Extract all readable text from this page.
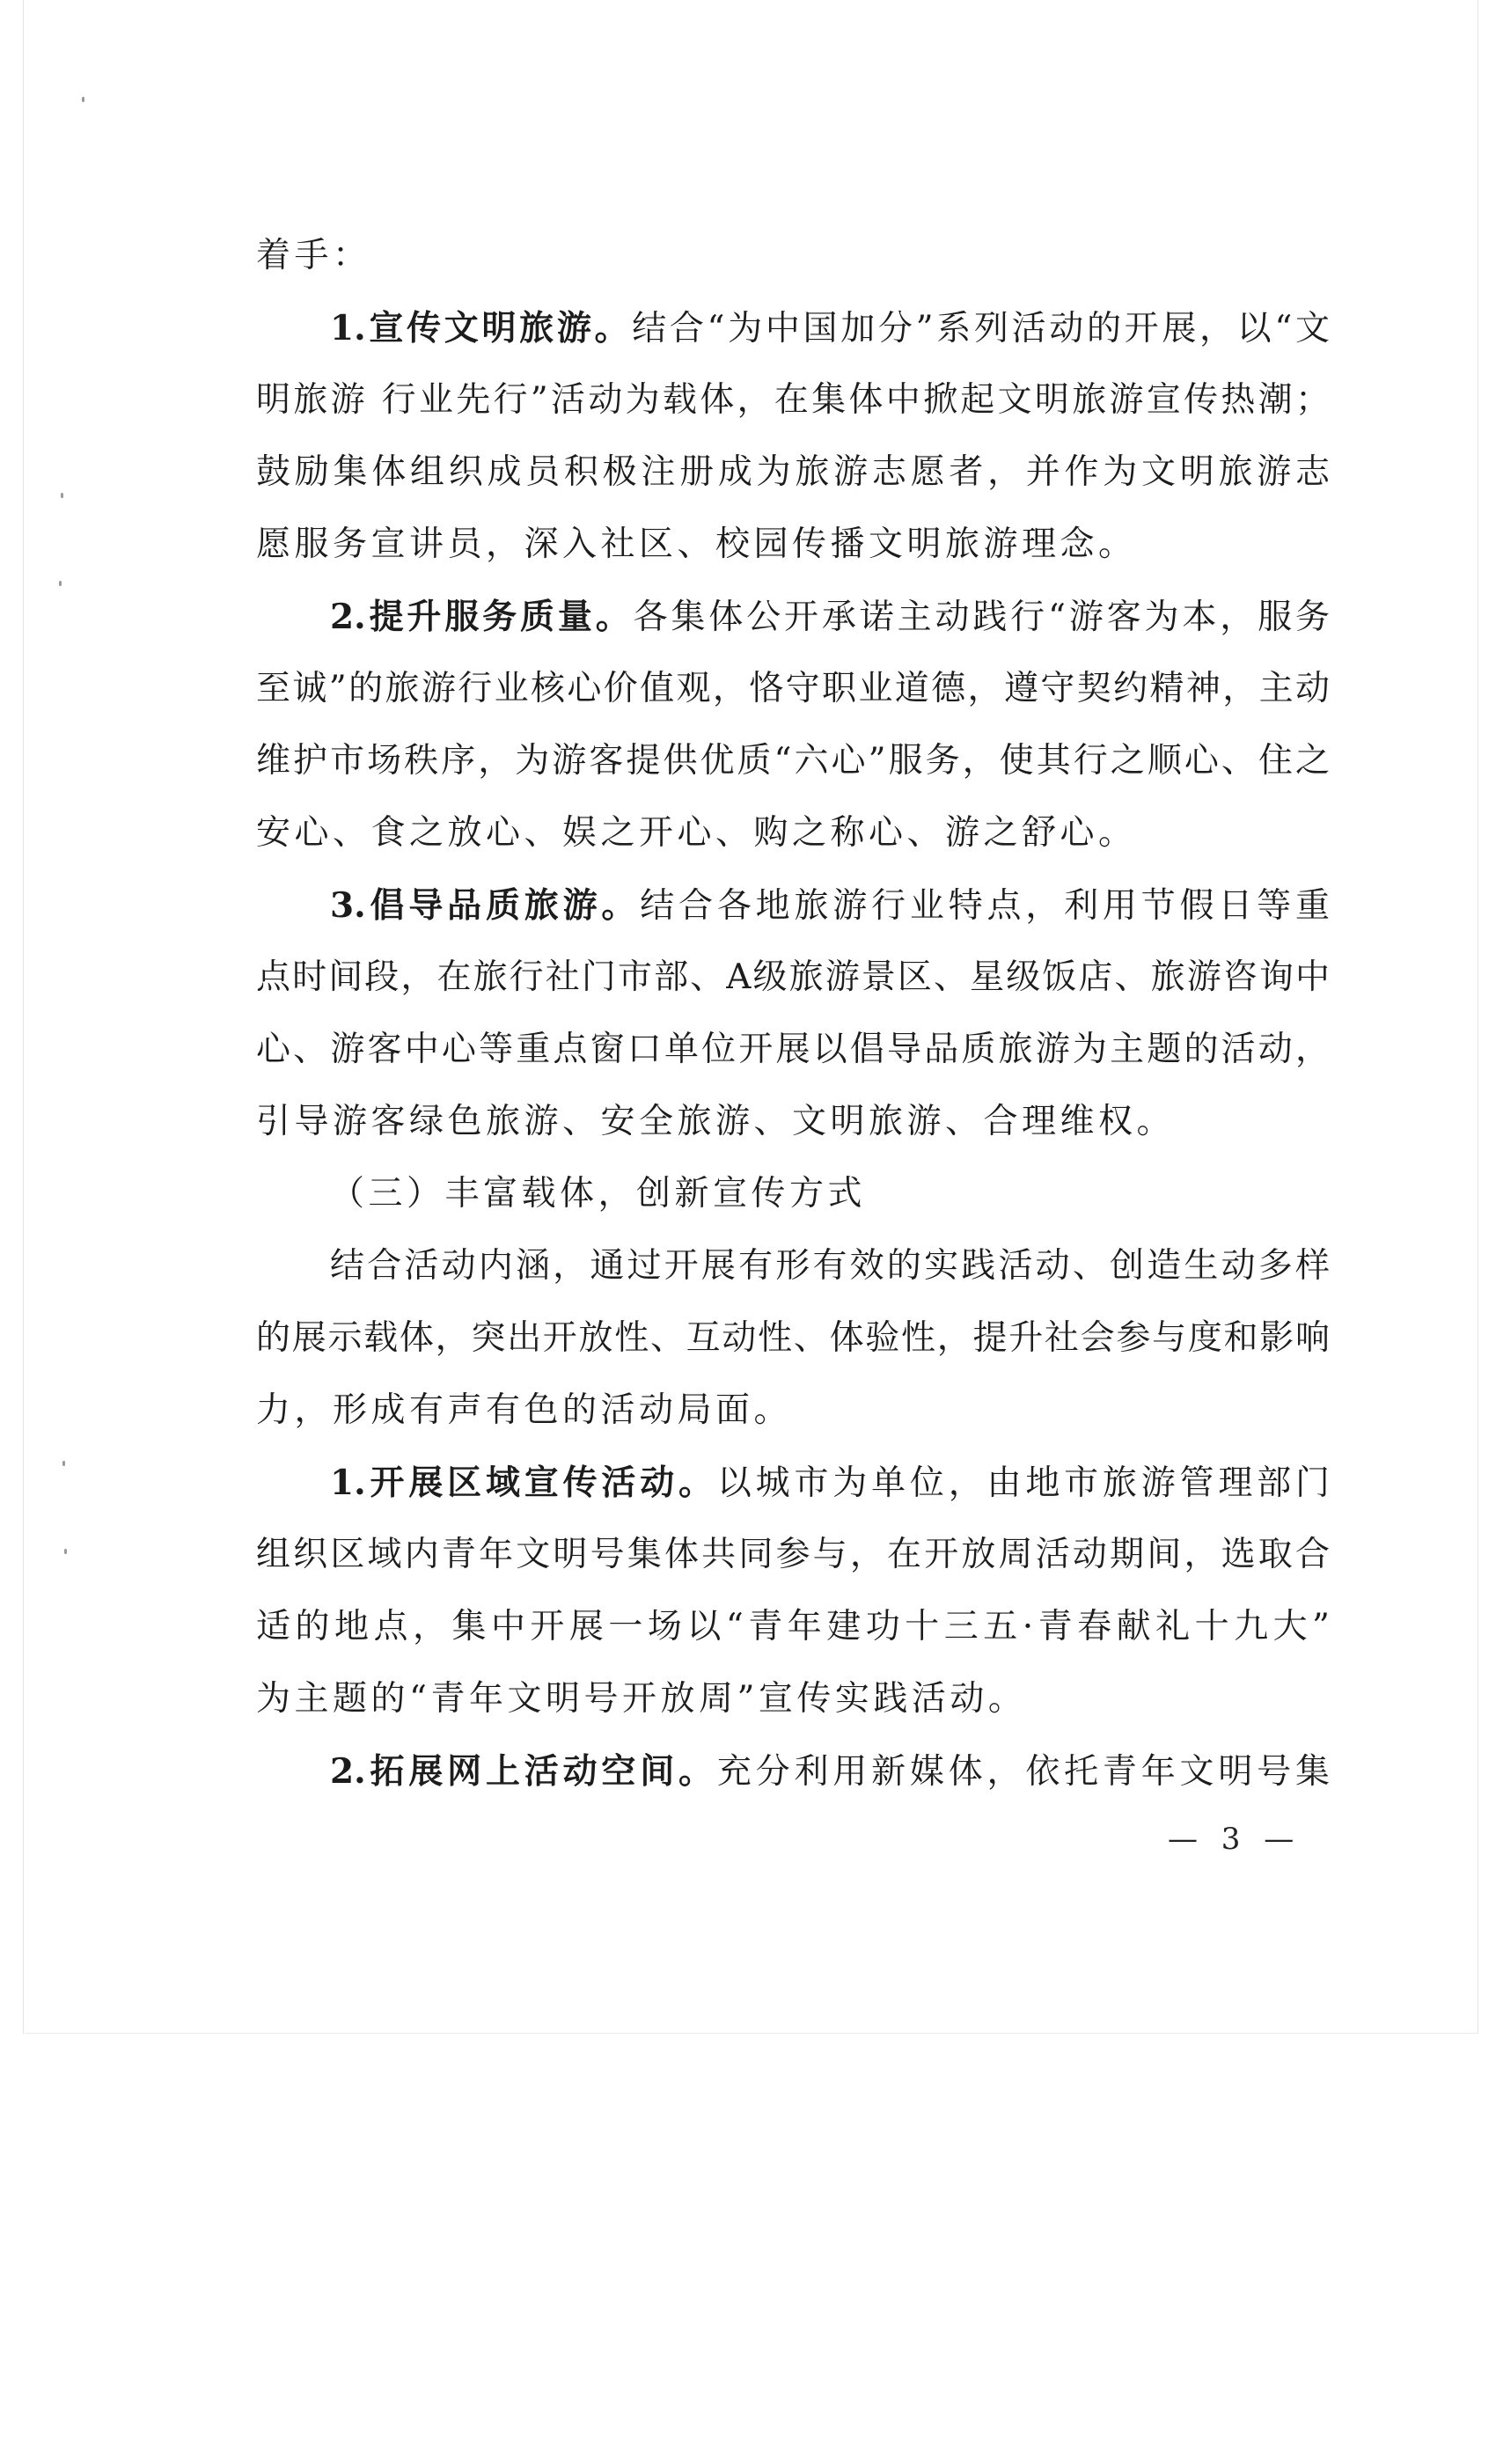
着手：
1.宣传文明旅游。结合“为中国加分”系列活动的开展，以“文
明旅游 行业先行”活动为载体，在集体中掀起文明旅游宣传热潮；
鼓励集体组织成员积极注册成为旅游志愿者，并作为文明旅游志
愿服务宣讲员，深入社区、校园传播文明旅游理念。
2.提升服务质量。各集体公开承诺主动践行“游客为本，服务
至诚”的旅游行业核心价值观，恪守职业道德，遵守契约精神，主动
维护市场秩序，为游客提供优质“六心”服务，使其行之顺心、住之
安心、食之放心、娱之开心、购之称心、游之舒心。
3.倡导品质旅游。结合各地旅游行业特点，利用节假日等重
点时间段，在旅行社门市部、A级旅游景区、星级饭店、旅游咨询中
心、游客中心等重点窗口单位开展以倡导品质旅游为主题的活动，
引导游客绿色旅游、安全旅游、文明旅游、合理维权。
（三）丰富载体，创新宣传方式
结合活动内涵，通过开展有形有效的实践活动、创造生动多样
的展示载体，突出开放性、互动性、体验性，提升社会参与度和影响
力，形成有声有色的活动局面。
1.开展区域宣传活动。以城市为单位，由地市旅游管理部门
组织区域内青年文明号集体共同参与，在开放周活动期间，选取合
适的地点，集中开展一场以“青年建功十三五·青春献礼十九大”
为主题的“青年文明号开放周”宣传实践活动。
2.拓展网上活动空间。充分利用新媒体，依托青年文明号集
— 3 —
